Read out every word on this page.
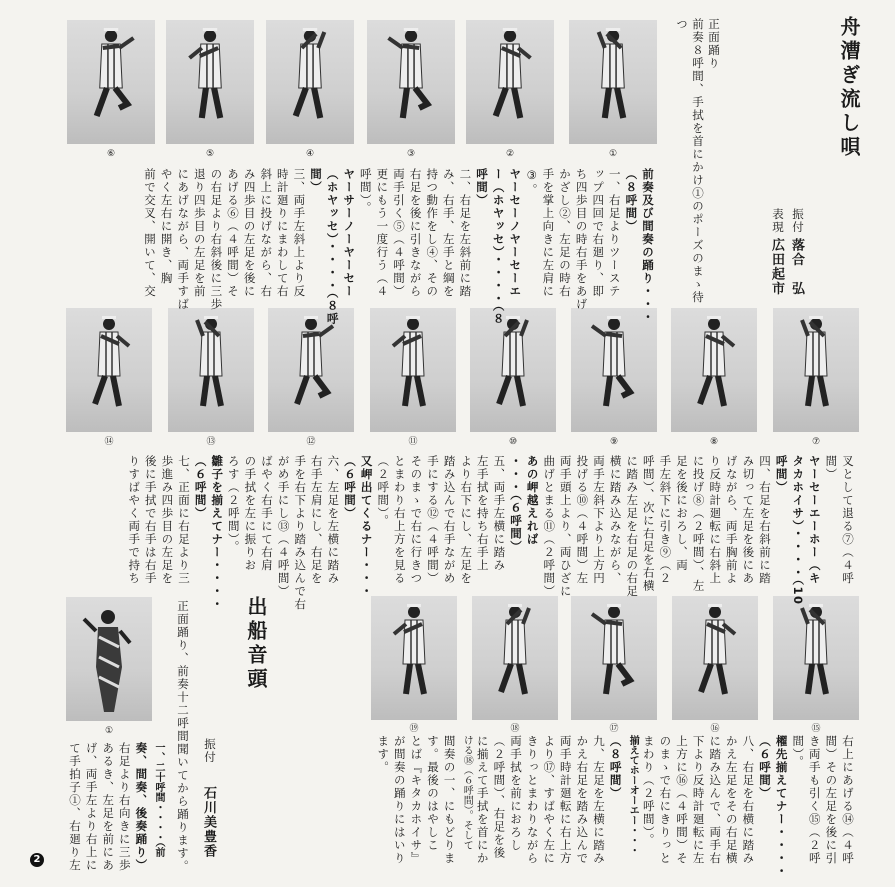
①
②
③
④
⑤
⑥
⑦
⑧
⑨
⑩
⑪
⑫
⑬
⑭
⑮
⑯
⑰
⑱
⑲
①
舟漕ぎ流し唄
正面踊り
前奏８呼間、手拭を首にかけ①のポーズのまゝ待
つ
振付
落合　弘
表現
広田起市
前奏及び間奏の踊り・・・
（８呼間）
一、右足よりツーステ
ップ四回で右廻り、即
ち四歩目の時右手をあげ
かざし②、左足の時右
手を掌上向きに左肩に
③。
ヤーセーノヤーセーエ
ー（ホヤッセ）・・・・（８
呼間）
二、右足を左斜前に踏
み、右手、左手と綱を
持つ動作をし④、その
右足を後に引きながら
両手引く⑤（４呼間）
更にもう一度行う（４
呼間）。
ヤーサーノーヤーセー
（ホヤッセ）・・・・（８呼
間）
三、両手左斜上より反
時計廻りにまわして右
斜上に投げながら、右
み四歩目の左足を後に
あげる⑥（４呼間）そ
の右足より右斜後に三歩
退り四歩目の左足を前
にあげながら、両手すば
やく左右に開き、胸
前で交叉、開いて、交
叉として退る⑦（４呼
間）
ヤーセーエーホー（キ
タカホイサ）・・・・（10
呼間）
四、右足を右斜前に踏
み切って左足を後にあ
げながら、両手胸前よ
り反時計廻転に右斜上
に投げ⑧（２呼間）、左
足を後におろし、両
手左斜下に引き⑨（２
呼間）、次に右足を右横
に踏み左足を右足の右足
横に踏み込みながら、
両手左斜下より上方円
投げる⑩（４呼間）左
両手頭上より、両ひざに
曲げとまる⑪（２呼間）
あの岬越えれば
・・・（６呼間）
五、両手左横に踏み
左手拭を持ち右手上
より右下にし、左足を
踏み込んで右手ながめ
手にする⑫（４呼間）
そのまゝで右に行きつ
とまわり右上方を見る
（２呼間）。
又岬出てくるナー・・・
（６呼間）
六、左足を左横に踏み
右手左肩にし、右足を
手を右下より踏み込んで右
がめ手にし⑬（４呼間）
ばやく右手にて右肩
の手拭を左に振りお
ろす（２呼間）。
雛子を揃えてナー・・・・
（６呼間）
七、正面に右足より三
歩進み四歩目の左足を
後に手拭で右手は右手
りすばやく両手で持ち
右上にあげる⑭（４呼
間）その左足を後に引
き両手も引く⑮（２呼
間）。
櫂先揃えてナー・・・・
（６呼間）
八、右足を右横に踏み
かえ左足をその右足横
に踏み込んで、両手右
下より反時計廻転に左
上方に⑯（４呼間）そ
のまゝで右にきりっと
まわり（２呼間）。
揃えてホーオーエー・・・
（８呼間）
九、左足を左横に踏み
かえ右足を踏み込んで
両手時計廻転に右上方
より⑰、すばやく左に
きりっとまわりながら
両手拭を前におろし
（２呼間）、右足を後
に揃えて手拭を首にか
ける⑱（６呼間）。そして
間奏の一、にもどりま
す。最後のはやしこ
とば『キタカホイサ』
が間奏の踊りにはいり
ます。
一、二十呼間・・・・（前
奏、間奏、後奏踊り）
右足より右向きに三歩
あるき、左足を前にあ
げ、両手左より右上に
て手拍子①、右廻り左
出船音頭
正面踊り、前奏十二呼間聞いてから踊ります。 振付
石川美豊香
2
